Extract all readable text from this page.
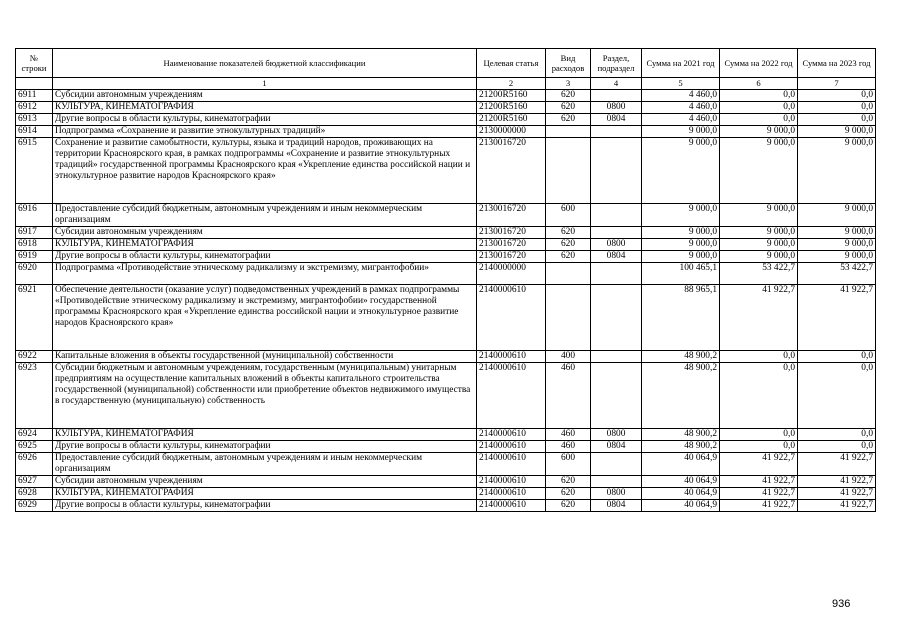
№ строки	Наименование показателей бюджетной классификации	Целевая статья	Вид расходов	Раздел, подраздел	Сумма на 2021 год	Сумма на 2022 год	Сумма на 2023 год
	1	2	3	4	5	6	7
6911	Субсидии автономным учреждениям	21200R5160	620		4 460,0	0,0	0,0
6912	КУЛЬТУРА, КИНЕМАТОГРАФИЯ	21200R5160	620	0800	4 460,0	0,0	0,0
6913	Другие вопросы в области культуры, кинематографии	21200R5160	620	0804	4 460,0	0,0	0,0
6914	Подпрограмма «Сохранение и развитие этнокультурных традиций»	2130000000			9 000,0	9 000,0	9 000,0
6915	Сохранение и развитие самобытности, культуры, языка и традиций народов, проживающих на территории Красноярского края, в рамках подпрограммы «Сохранение и развитие этнокультурных традиций» государственной программы Красноярского края «Укрепление единства российской нации и этнокультурное развитие народов Красноярского края»	2130016720			9 000,0	9 000,0	9 000,0
6916	Предоставление субсидий бюджетным, автономным учреждениям и иным некоммерческим организациям	2130016720	600		9 000,0	9 000,0	9 000,0
6917	Субсидии автономным учреждениям	2130016720	620		9 000,0	9 000,0	9 000,0
6918	КУЛЬТУРА, КИНЕМАТОГРАФИЯ	2130016720	620	0800	9 000,0	9 000,0	9 000,0
6919	Другие вопросы в области культуры, кинематографии	2130016720	620	0804	9 000,0	9 000,0	9 000,0
6920	Подпрограмма «Противодействие этническому радикализму и экстремизму, мигрантофобии»	2140000000			100 465,1	53 422,7	53 422,7
6921	Обеспечение деятельности (оказание услуг) подведомственных учреждений в рамках подпрограммы «Противодействие этническому радикализму и экстремизму, мигрантофобии» государственной программы Красноярского края «Укрепление единства российской нации и этнокультурное развитие народов Красноярского края»	2140000610			88 965,1	41 922,7	41 922,7
6922	Капитальные вложения в объекты государственной (муниципальной) собственности	2140000610	400		48 900,2	0,0	0,0
6923	Субсидии бюджетным и автономным учреждениям, государственным (муниципальным) унитарным предприятиям на осуществление капитальных вложений в объекты капитального строительства государственной (муниципальной) собственности или приобретение объектов недвижимого имущества в государственную (муниципальную) собственность	2140000610	460		48 900,2	0,0	0,0
6924	КУЛЬТУРА, КИНЕМАТОГРАФИЯ	2140000610	460	0800	48 900,2	0,0	0,0
6925	Другие вопросы в области культуры, кинематографии	2140000610	460	0804	48 900,2	0,0	0,0
6926	Предоставление субсидий бюджетным, автономным учреждениям и иным некоммерческим организациям	2140000610	600		40 064,9	41 922,7	41 922,7
6927	Субсидии автономным учреждениям	2140000610	620		40 064,9	41 922,7	41 922,7
6928	КУЛЬТУРА, КИНЕМАТОГРАФИЯ	2140000610	620	0800	40 064,9	41 922,7	41 922,7
6929	Другие вопросы в области культуры, кинематографии	2140000610	620	0804	40 064,9	41 922,7	41 922,7
936
